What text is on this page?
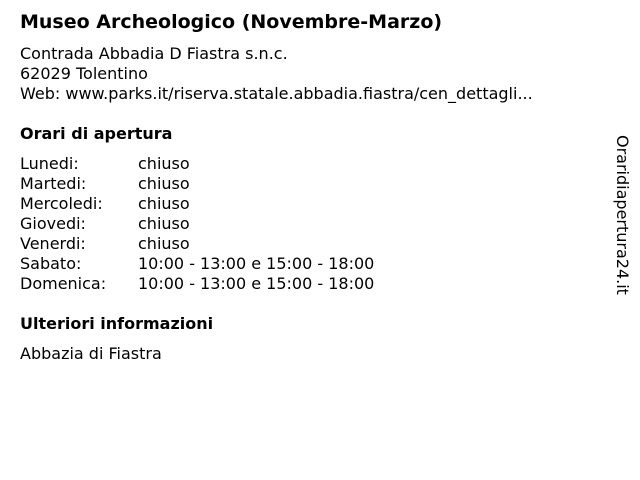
Museo Archeologico (Novembre-Marzo)
Contrada Abbadia D Fiastra s.n.c.
62029 Tolentino
Web: www.parks.it/riserva.statale.abbadia.fiastra/cen_dettagli...
Orari di apertura
Lunedi:	chiuso
Martedi:	chiuso
Mercoledi:	chiuso
Giovedi:	chiuso
Venerdi:	chiuso
Sabato:	10:00 - 13:00 e 15:00 - 18:00
Domenica:	10:00 - 13:00 e 15:00 - 18:00
Ulteriori informazioni
Abbazia di Fiastra
Oraridiapertura24.it
